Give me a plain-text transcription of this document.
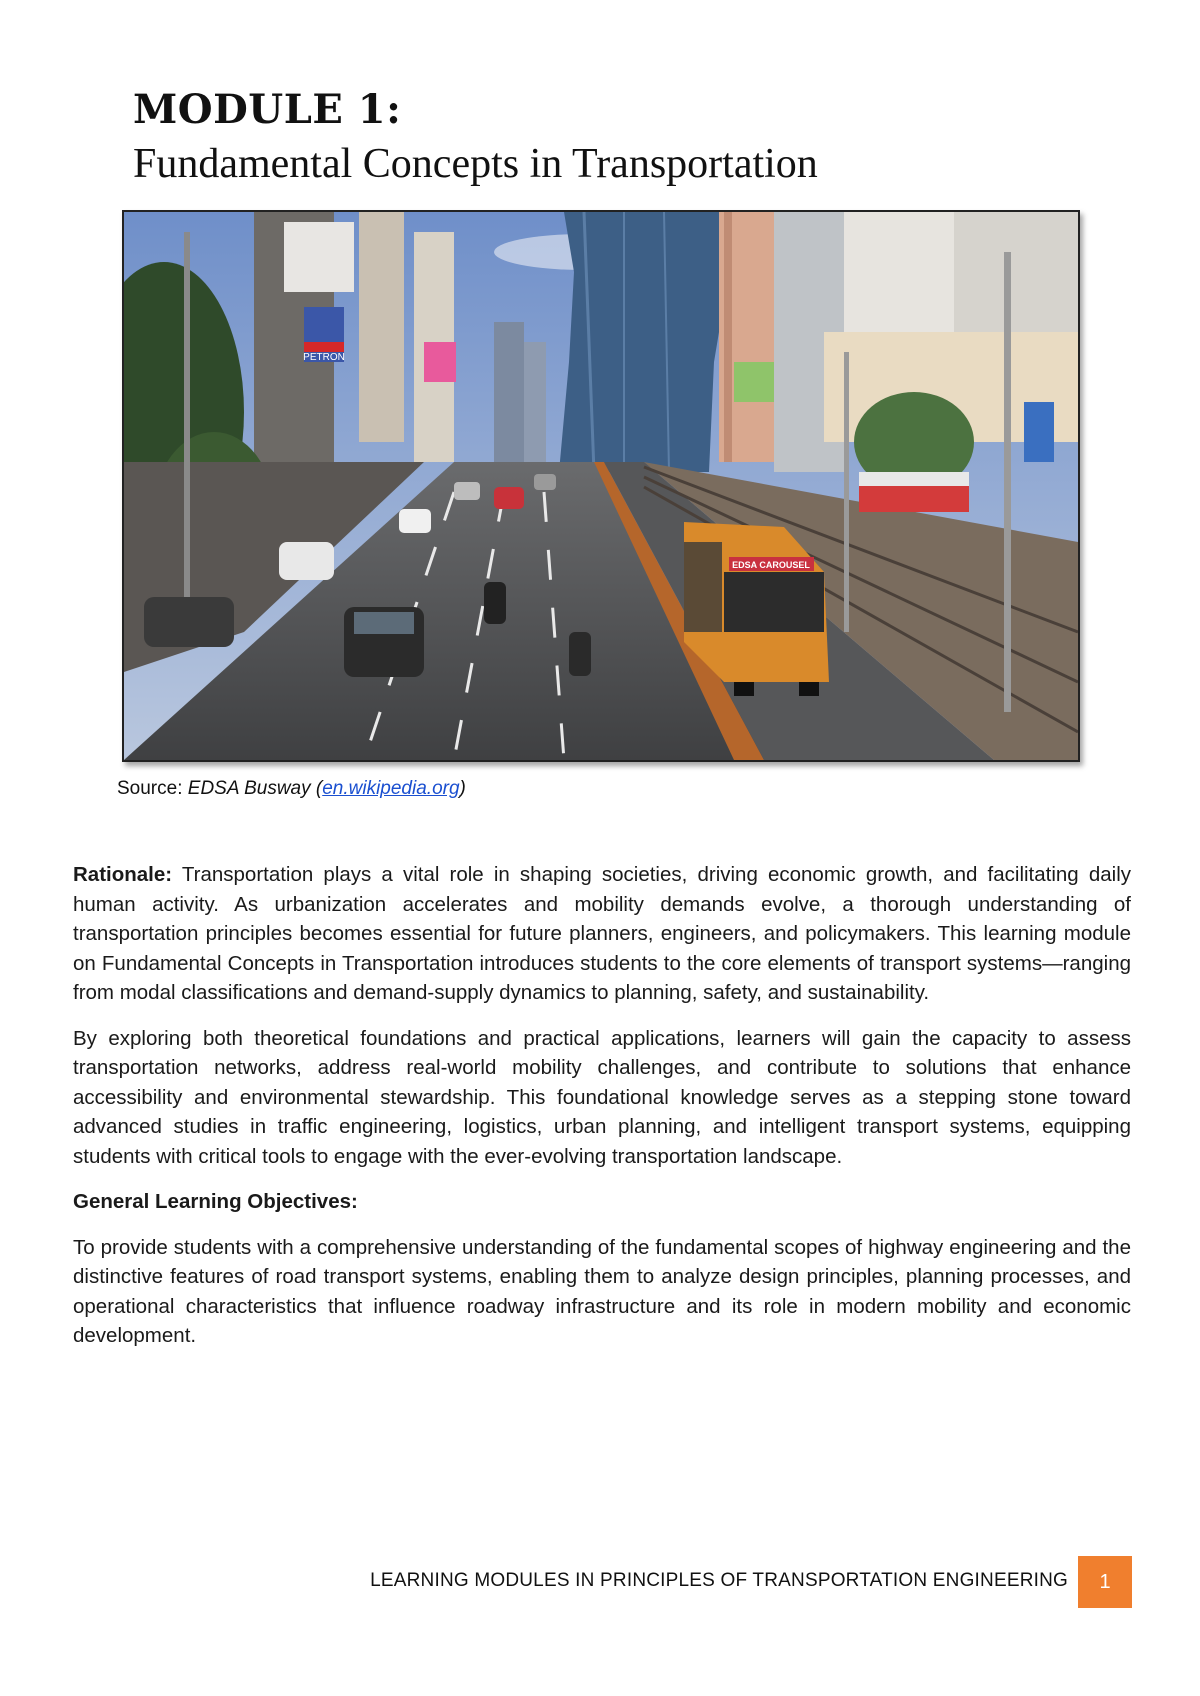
MODULE 1:
Fundamental Concepts in Transportation
PETRON
EDSA CAROUSEL
Source: EDSA Busway (en.wikipedia.org)

Rationale: Transportation plays a vital role in shaping societies, driving economic growth, and facilitating daily human activity. As urbanization accelerates and mobility demands evolve, a thorough understanding of transportation principles becomes essential for future planners, engineers, and policymakers. This learning module on Fundamental Concepts in Transportation introduces students to the core elements of transport systems—ranging from modal classifications and demand-supply dynamics to planning, safety, and sustainability.

By exploring both theoretical foundations and practical applications, learners will gain the capacity to assess transportation networks, address real-world mobility challenges, and contribute to solutions that enhance accessibility and environmental stewardship. This foundational knowledge serves as a stepping stone toward advanced studies in traffic engineering, logistics, urban planning, and intelligent transport systems, equipping students with critical tools to engage with the ever-evolving transportation landscape.

General Learning Objectives:

To provide students with a comprehensive understanding of the fundamental scopes of highway engineering and the distinctive features of road transport systems, enabling them to analyze design principles, planning processes, and operational characteristics that influence roadway infrastructure and its role in modern mobility and economic development.

LEARNING MODULES IN PRINCIPLES OF TRANSPORTATION ENGINEERING	1
